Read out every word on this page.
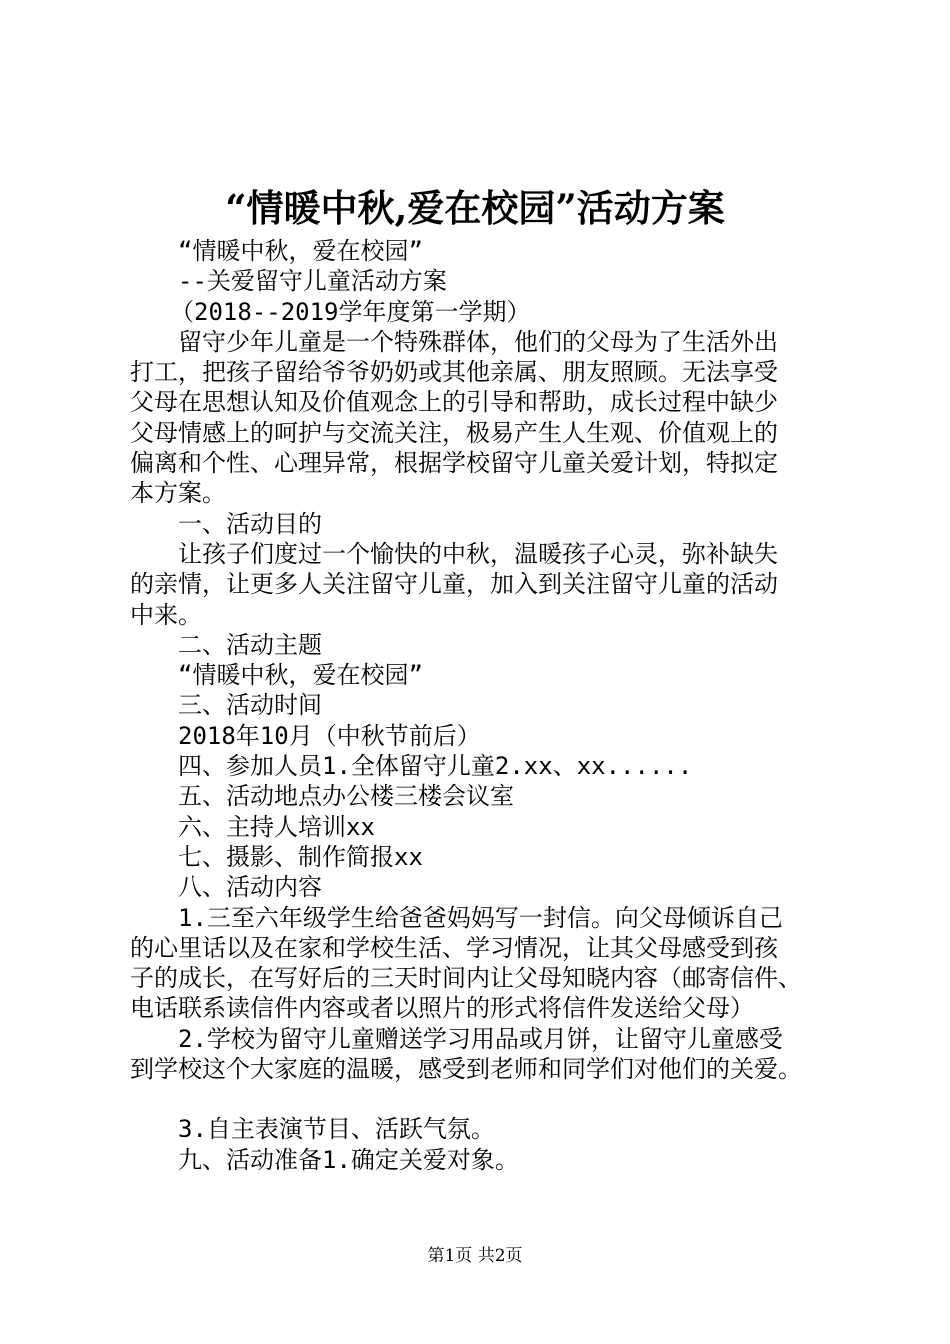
“情暖中秋,爱在校园”活动方案
“情暖中秋，爱在校园”
--关爱留守儿童活动方案
（2018--2019学年度第一学期）
留守少年儿童是一个特殊群体，他们的父母为了生活外出
打工，把孩子留给爷爷奶奶或其他亲属、朋友照顾。无法享受
父母在思想认知及价值观念上的引导和帮助，成长过程中缺少
父母情感上的呵护与交流关注，极易产生人生观、价值观上的
偏离和个性、心理异常，根据学校留守儿童关爱计划，特拟定
本方案。
一、活动目的
让孩子们度过一个愉快的中秋，温暖孩子心灵，弥补缺失
的亲情，让更多人关注留守儿童，加入到关注留守儿童的活动
中来。
二、活动主题
“情暖中秋，爱在校园”
三、活动时间
2018年10月（中秋节前后）
四、参加人员1.全体留守儿童2.xx、xx......
五、活动地点办公楼三楼会议室
六、主持人培训xx
七、摄影、制作简报xx
八、活动内容
1.三至六年级学生给爸爸妈妈写一封信。向父母倾诉自己
的心里话以及在家和学校生活、学习情况，让其父母感受到孩
子的成长，在写好后的三天时间内让父母知晓内容（邮寄信件、
电话联系读信件内容或者以照片的形式将信件发送给父母）
2.学校为留守儿童赠送学习用品或月饼，让留守儿童感受
到学校这个大家庭的温暖，感受到老师和同学们对他们的关爱。
3.自主表演节目、活跃气氛。
九、活动准备1.确定关爱对象。
第1页 共2页
